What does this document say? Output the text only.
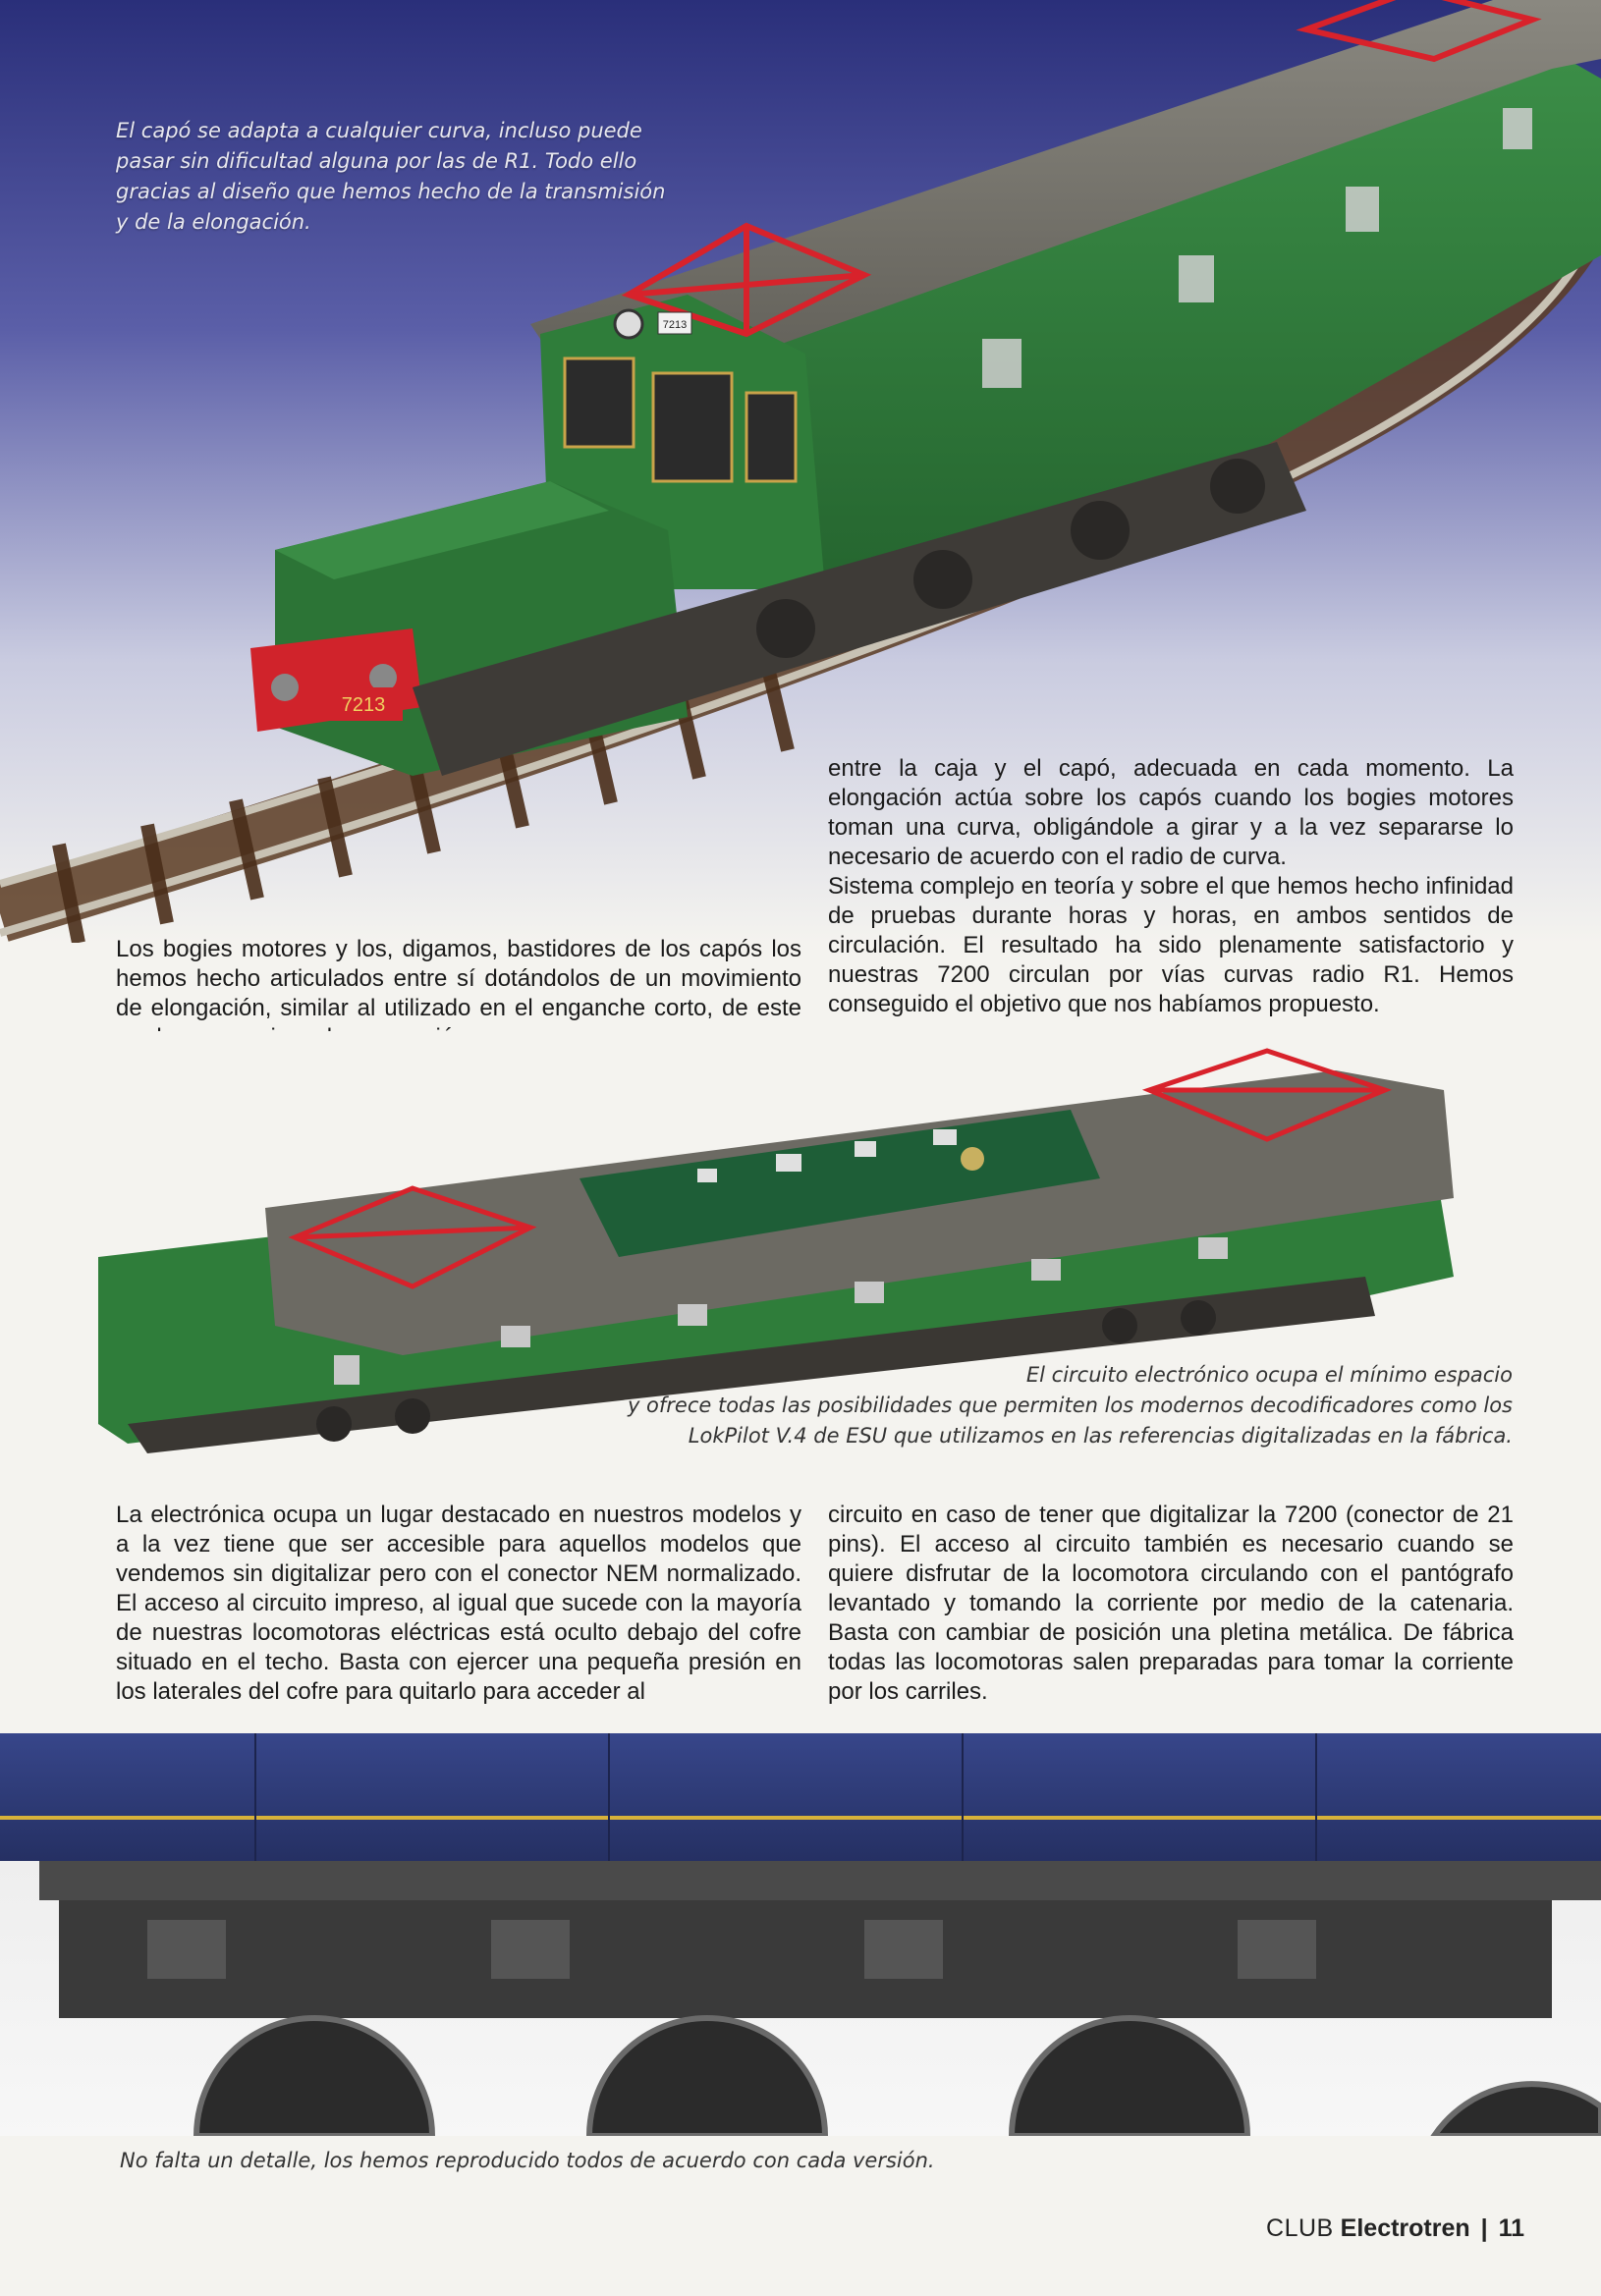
7213
7213
El capó se adapta a cualquier curva, incluso puede pasar sin dificultad alguna por las de R1. Todo ello gracias al diseño que hemos hecho de la transmisión y de la elongación.

entre la caja y el capó, adecuada en cada momento. La elongación actúa sobre los capós cuando los bogies motores toman una curva, obligándole a girar y a la vez separarse lo necesario de acuerdo con el radio de curva.

Sistema complejo en teoría y sobre el que hemos hecho infinidad de pruebas durante horas y horas, en ambos sentidos de circulación. El resultado ha sido plenamente satisfactorio y nuestras 7200 circulan por vías curvas radio R1. Hemos conseguido el objetivo que nos habíamos propuesto.

Los bogies motores y los, digamos, bastidores de los capós los hemos hecho articulados entre sí dotándolos de un movimiento de elongación, similar al utilizado en el enganche corto, de este

El circuito electrónico ocupa el mínimo espacio
y ofrece todas las posibilidades que permiten los modernos decodificadores como los
LokPilot V.4 de ESU que utilizamos en las referencias digitalizadas en la fábrica.

La electrónica ocupa un lugar destacado en nuestros modelos y a la vez tiene que ser accesible para aquellos modelos que vendemos sin digitalizar pero con el conector NEM normalizado. El acceso al circuito impreso, al igual que sucede con la mayoría de nuestras locomotoras eléctricas está oculto debajo del cofre situado en el techo. Basta con ejercer una pequeña presión en los laterales del cofre para quitarlo para acceder al

circuito en caso de tener que digitalizar la 7200 (conector de 21 pins). El acceso al circuito también es necesario cuando se quiere disfrutar de la locomotora circulando con el pantógrafo levantado y tomando la corriente por medio de la catenaria. Basta con cambiar de posición una pletina metálica. De fábrica todas las locomotoras salen preparadas para tomar la corriente por los carriles.

No falta un detalle, los hemos reproducido todos de acuerdo con cada versión.
CLUB Electrotren | 11
